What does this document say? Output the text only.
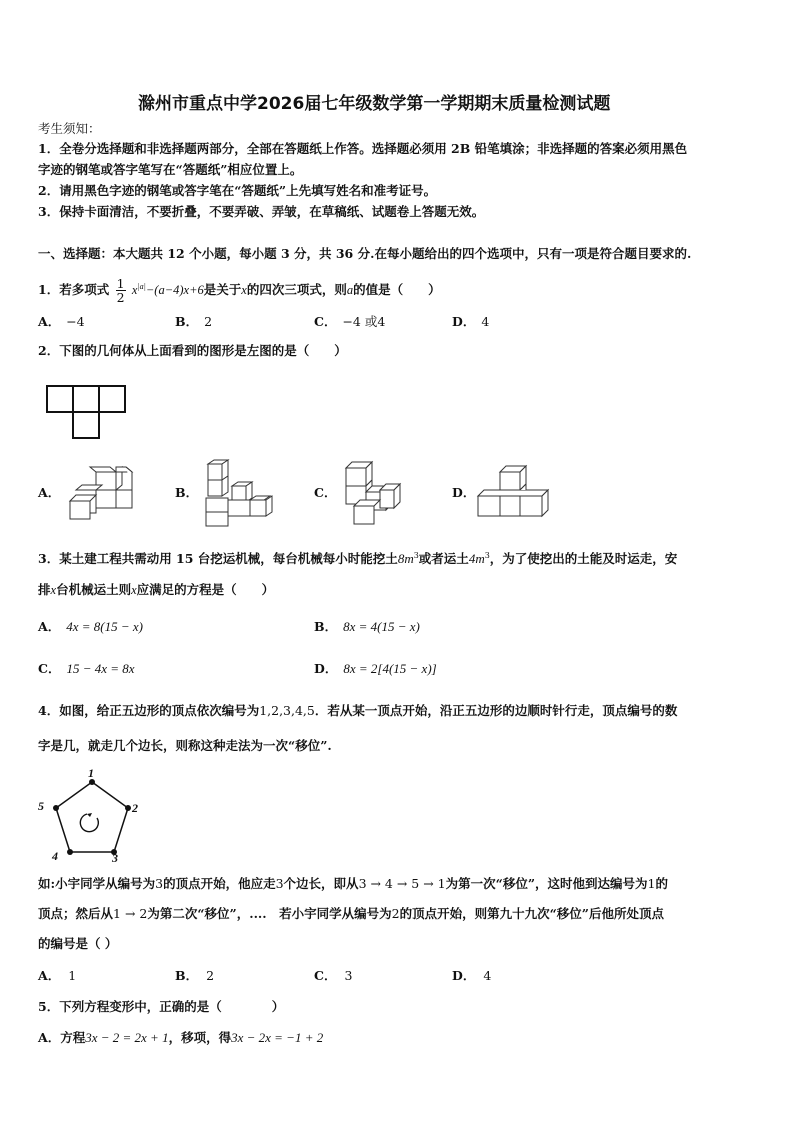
滁州市重点中学2026届七年级数学第一学期期末质量检测试题
考生须知：
1．全卷分选择题和非选择题两部分，全部在答题纸上作答。选择题必须用 2B 铅笔填涂；非选择题的答案必须用黑色
字迹的钢笔或答字笔写在“答题纸”相应位置上。
2．请用黑色字迹的钢笔或答字笔在“答题纸”上先填写姓名和准考证号。
3．保持卡面清洁，不要折叠，不要弄破、弄皱，在草稿纸、试题卷上答题无效。
一、选择题：本大题共 12 个小题，每小题 3 分，共 36 分.在每小题给出的四个选项中，只有一项是符合题目要求的.
1．若多项式 $\frac{1}{2} x^{|a|}-(a-4)x+6$是关于x的四次三项式，则a的值是（　　）
A． −4	B． 2	C． −4 或4	D． 4
2．下图的几何体从上面看到的图形是左图的是（　　）
A．	B．	C．	D．
3．某土建工程共需动用 15 台挖运机械，每台机械每小时能挖土$8m^3$或者运土$4m^3$，为了使挖出的土能及时运走，安
排x台机械运土则x应满足的方程是（　　）
A． 4x = 8(15 − x)	B． 8x = 4(15 − x)
C． 15 − 4x = 8x	D． 8x = 2[4(15 − x)]
4．如图，给正五边形的顶点依次编号为1,2,3,4,5．若从某一顶点开始，沿正五边形的边顺时针行走，顶点编号的数
字是几，就走几个边长，则称这种走法为一次“移位”.
1
2
3
4
5
如:小宇同学从编号为3的顶点开始，他应走3个边长，即从3 → 4 → 5 → 1为第一次“移位”，这时他到达编号为1的
顶点；然后从1 → 2为第二次“移位”，....　若小宇同学从编号为2的顶点开始，则第九十九次“移位”后他所处顶点
的编号是（ ）
A． 1	B． 2	C． 3	D． 4
5．下列方程变形中，正确的是（　　　　）
A．方程3x − 2 = 2x + 1，移项，得3x − 2x = −1 + 2
